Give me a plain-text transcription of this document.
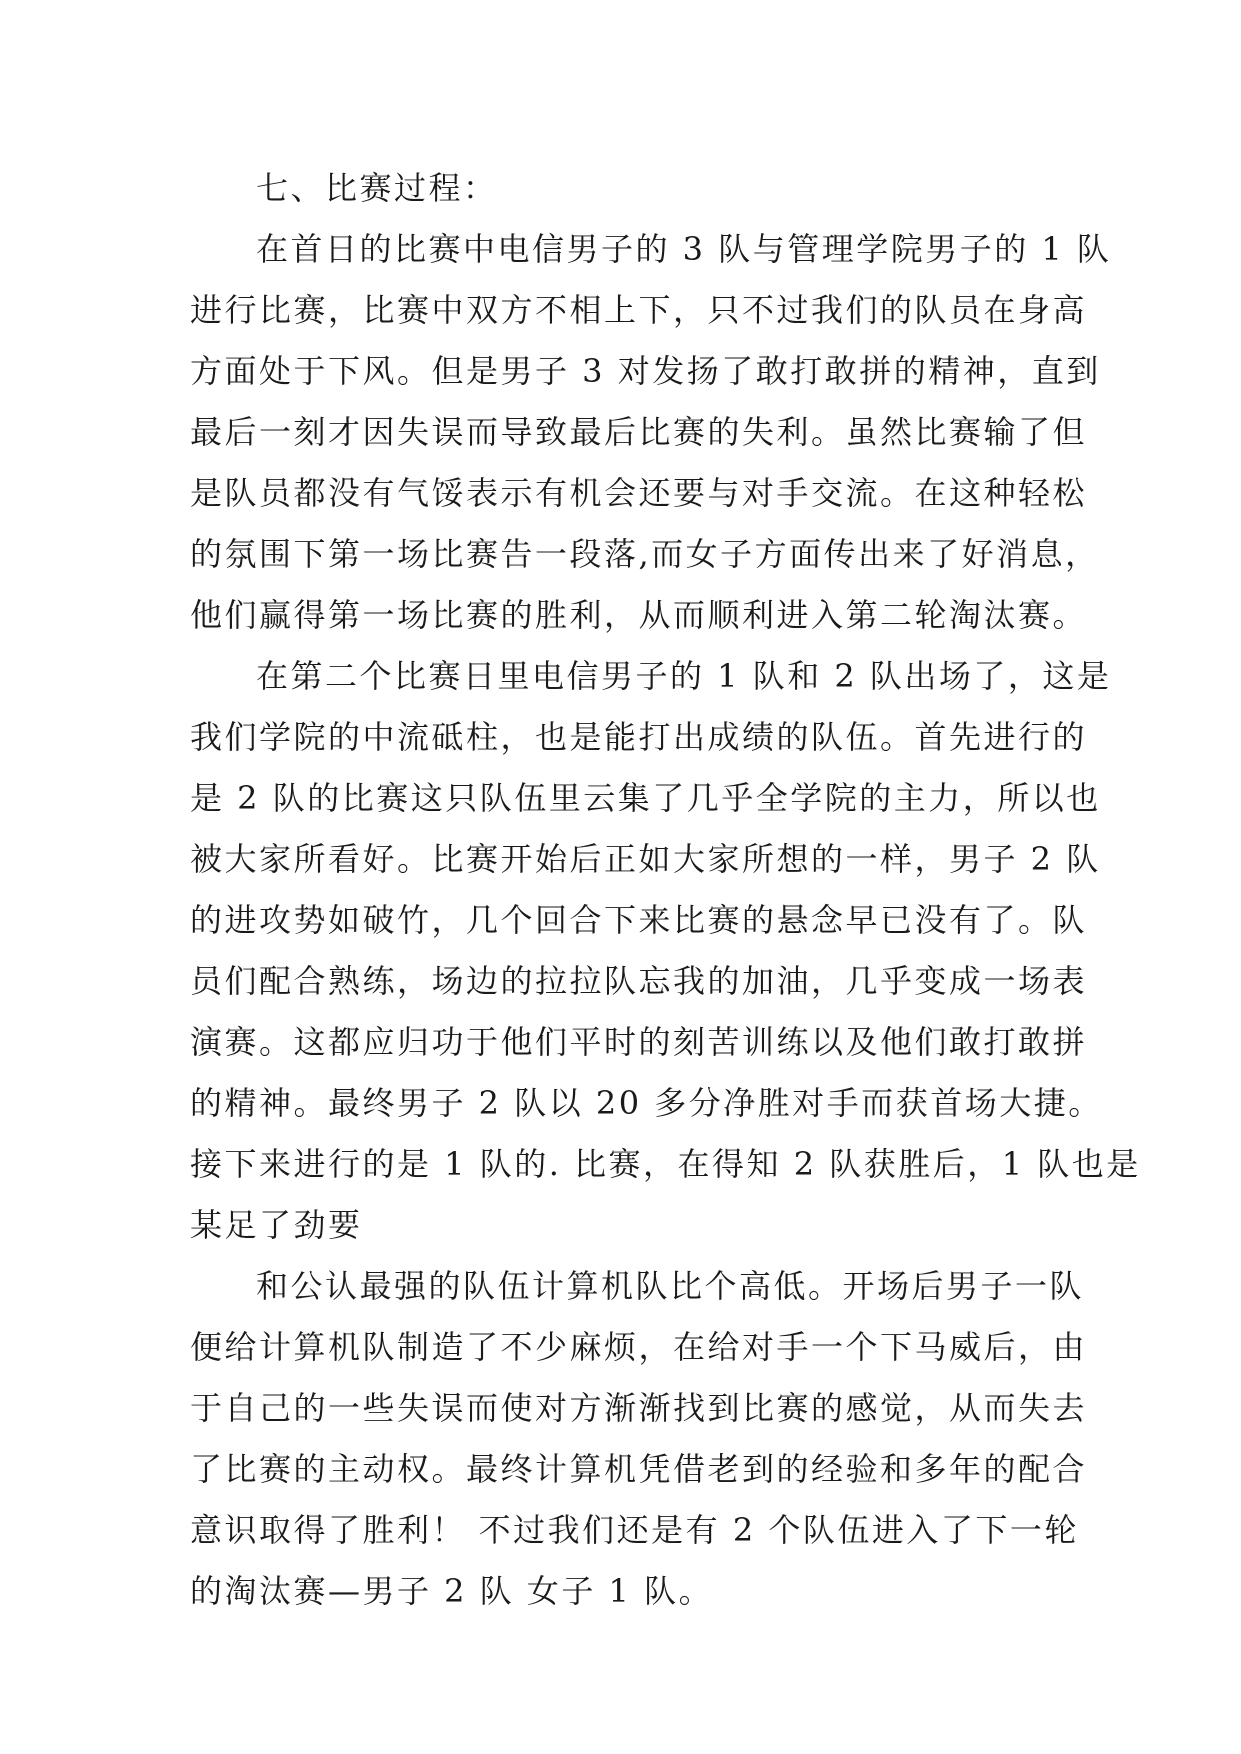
七、比赛过程：
在首日的比赛中电信男子的 3 队与管理学院男子的 1 队
进行比赛，比赛中双方不相上下，只不过我们的队员在身高
方面处于下风。但是男子 3 对发扬了敢打敢拼的精神，直到
最后一刻才因失误而导致最后比赛的失利。虽然比赛输了但
是队员都没有气馁表示有机会还要与对手交流。在这种轻松
的氛围下第一场比赛告一段落,而女子方面传出来了好消息，
他们赢得第一场比赛的胜利，从而顺利进入第二轮淘汰赛。
在第二个比赛日里电信男子的 1 队和 2 队出场了，这是
我们学院的中流砥柱，也是能打出成绩的队伍。首先进行的
是 2 队的比赛这只队伍里云集了几乎全学院的主力，所以也
被大家所看好。比赛开始后正如大家所想的一样，男子 2 队
的进攻势如破竹，几个回合下来比赛的悬念早已没有了。队
员们配合熟练，场边的拉拉队忘我的加油，几乎变成一场表
演赛。这都应归功于他们平时的刻苦训练以及他们敢打敢拼
的精神。最终男子 2 队以 20 多分净胜对手而获首场大捷。
接下来进行的是 1 队的. 比赛，在得知 2 队获胜后，1 队也是
某足了劲要
和公认最强的队伍计算机队比个高低。开场后男子一队
便给计算机队制造了不少麻烦，在给对手一个下马威后，由
于自己的一些失误而使对方渐渐找到比赛的感觉，从而失去
了比赛的主动权。最终计算机凭借老到的经验和多年的配合
意识取得了胜利！ 不过我们还是有 2 个队伍进入了下一轮
的淘汰赛—男子 2 队 女子 1 队。
